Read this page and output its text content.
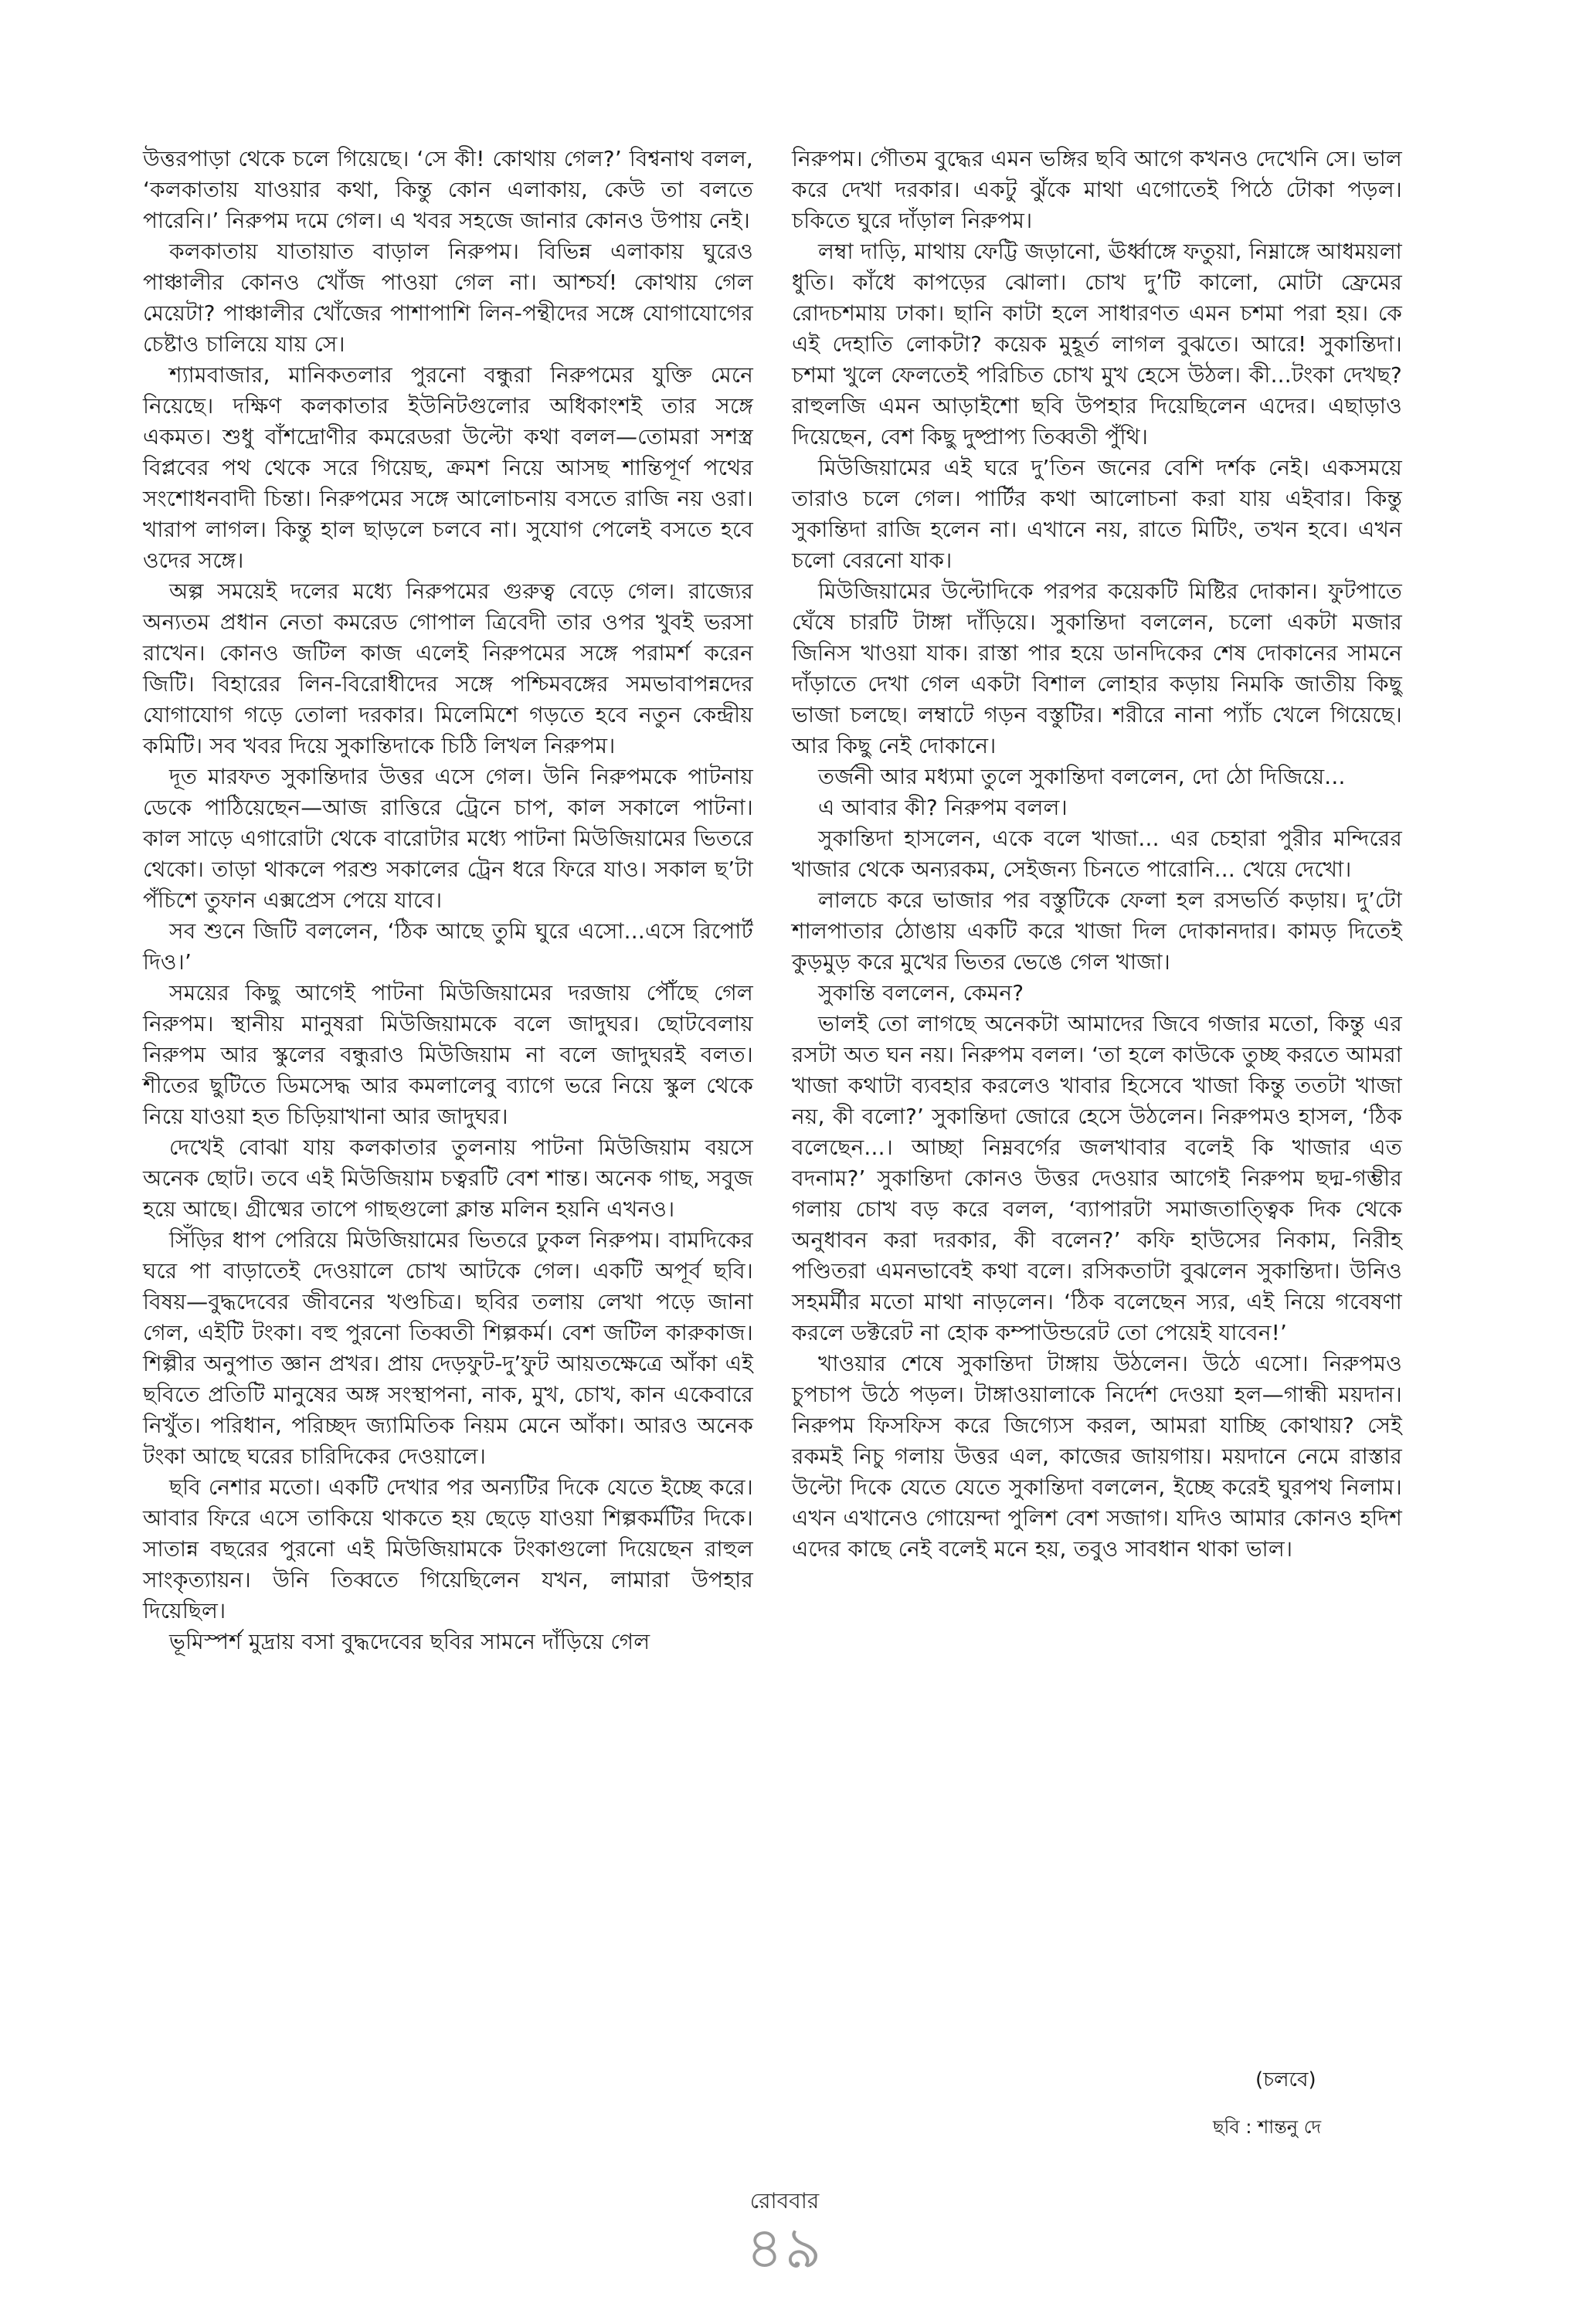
উত্তরপাড়া থেকে চলে গিয়েছে। ‘সে কী! কোথায় গেল?’ বিশ্বনাথ বলল, ‘কলকাতায় যাওয়ার কথা, কিন্তু কোন এলাকায়, কেউ তা বলতে পারেনি।’ নিরুপম দমে গেল। এ খবর সহজে জানার কোনও উপায় নেই।

কলকাতায় যাতায়াত বাড়াল নিরুপম। বিভিন্ন এলাকায় ঘুরেও পাঞ্চালীর কোনও খোঁজ পাওয়া গেল না। আশ্চর্য! কোথায় গেল মেয়েটা? পাঞ্চালীর খোঁজের পাশাপাশি লিন-পন্থীদের সঙ্গে যোগাযোগের চেষ্টাও চালিয়ে যায় সে।

শ্যামবাজার, মানিকতলার পুরনো বন্ধুরা নিরুপমের যুক্তি মেনে নিয়েছে। দক্ষিণ কলকাতার ইউনিটগুলোর অধিকাংশই তার সঙ্গে একমত। শুধু বাঁশদ্রোণীর কমরেডরা উল্টো কথা বলল—তোমরা সশস্ত্র বিপ্লবের পথ থেকে সরে গিয়েছ, ক্রমশ নিয়ে আসছ শান্তিপূর্ণ পথের সংশোধনবাদী চিন্তা। নিরুপমের সঙ্গে আলোচনায় বসতে রাজি নয় ওরা। খারাপ লাগল। কিন্তু হাল ছাড়লে চলবে না। সুযোগ পেলেই বসতে হবে ওদের সঙ্গে।

অল্প সময়েই দলের মধ্যে নিরুপমের গুরুত্ব বেড়ে গেল। রাজ্যের অন্যতম প্রধান নেতা কমরেড গোপাল ত্রিবেদী তার ওপর খুবই ভরসা রাখেন। কোনও জটিল কাজ এলেই নিরুপমের সঙ্গে পরামর্শ করেন জিটি। বিহারের লিন-বিরোধীদের সঙ্গে পশ্চিমবঙ্গের সমভাবাপন্নদের যোগাযোগ গড়ে তোলা দরকার। মিলেমিশে গড়তে হবে নতুন কেন্দ্রীয় কমিটি। সব খবর দিয়ে সুকান্তিদাকে চিঠি লিখল নিরুপম।

দূত মারফত সুকান্তিদার উত্তর এসে গেল। উনি নিরুপমকে পাটনায় ডেকে পাঠিয়েছেন—আজ রাত্তিরে ট্রেনে চাপ, কাল সকালে পাটনা। কাল সাড়ে এগারোটা থেকে বারোটার মধ্যে পাটনা মিউজিয়ামের ভিতরে থেকো। তাড়া থাকলে পরশু সকালের ট্রেন ধরে ফিরে যাও। সকাল ছ’টা পঁচিশে তুফান এক্সপ্রেস পেয়ে যাবে।

সব শুনে জিটি বললেন, ‘ঠিক আছে তুমি ঘুরে এসো...এসে রিপোর্ট দিও।’

সময়ের কিছু আগেই পাটনা মিউজিয়ামের দরজায় পৌঁছে গেল নিরুপম। স্থানীয় মানুষরা মিউজিয়ামকে বলে জাদুঘর। ছোটবেলায় নিরুপম আর স্কুলের বন্ধুরাও মিউজিয়াম না বলে জাদুঘরই বলত। শীতের ছুটিতে ডিমসেদ্ধ আর কমলালেবু ব্যাগে ভরে নিয়ে স্কুল থেকে নিয়ে যাওয়া হত চিড়িয়াখানা আর জাদুঘর।

দেখেই বোঝা যায় কলকাতার তুলনায় পাটনা মিউজিয়াম বয়সে অনেক ছোট। তবে এই মিউজিয়াম চত্বরটি বেশ শান্ত। অনেক গাছ, সবুজ হয়ে আছে। গ্রীষ্মের তাপে গাছগুলো ক্লান্ত মলিন হয়নি এখনও।

সিঁড়ির ধাপ পেরিয়ে মিউজিয়ামের ভিতরে ঢুকল নিরুপম। বামদিকের ঘরে পা বাড়াতেই দেওয়ালে চোখ আটকে গেল। একটি অপূর্ব ছবি। বিষয়—বুদ্ধদেবের জীবনের খণ্ডচিত্র। ছবির তলায় লেখা পড়ে জানা গেল, এইটি টংকা। বহু পুরনো তিব্বতী শিল্পকর্ম। বেশ জটিল কারুকাজ। শিল্পীর অনুপাত জ্ঞান প্রখর। প্রায় দেড়ফুট-দু’ফুট আয়তক্ষেত্রে আঁকা এই ছবিতে প্রতিটি মানুষের অঙ্গ সংস্থাপনা, নাক, মুখ, চোখ, কান একেবারে নিখুঁত। পরিধান, পরিচ্ছদ জ্যামিতিক নিয়ম মেনে আঁকা। আরও অনেক টংকা আছে ঘরের চারিদিকের দেওয়ালে।

ছবি নেশার মতো। একটি দেখার পর অন্যটির দিকে যেতে ইচ্ছে করে। আবার ফিরে এসে তাকিয়ে থাকতে হয় ছেড়ে যাওয়া শিল্পকর্মটির দিকে। সাতান্ন বছরের পুরনো এই মিউজিয়ামকে টংকাগুলো দিয়েছেন রাহুল সাংকৃত্যায়ন। উনি তিব্বতে গিয়েছিলেন যখন, লামারা উপহার দিয়েছিল।

ভূমিস্পর্শ মুদ্রায় বসা বুদ্ধদেবের ছবির সামনে দাঁড়িয়ে গেল

নিরুপম। গৌতম বুদ্ধের এমন ভঙ্গির ছবি আগে কখনও দেখেনি সে। ভাল করে দেখা দরকার। একটু ঝুঁকে মাথা এগোতেই পিঠে টোকা পড়ল। চকিতে ঘুরে দাঁড়াল নিরুপম।

লম্বা দাড়ি, মাথায় ফেট্টি জড়ানো, ঊর্ধ্বাঙ্গে ফতুয়া, নিম্নাঙ্গে আধময়লা ধুতি। কাঁধে কাপড়ের ঝোলা। চোখ দু’টি কালো, মোটা ফ্রেমের রোদচশমায় ঢাকা। ছানি কাটা হলে সাধারণত এমন চশমা পরা হয়। কে এই দেহাতি লোকটা? কয়েক মুহূর্ত লাগল বুঝতে। আরে! সুকান্তিদা। চশমা খুলে ফেলতেই পরিচিত চোখ মুখ হেসে উঠল। কী...টংকা দেখছ? রাহুলজি এমন আড়াইশো ছবি উপহার দিয়েছিলেন এদের। এছাড়াও দিয়েছেন, বেশ কিছু দুষ্প্রাপ্য তিব্বতী পুঁথি।

মিউজিয়ামের এই ঘরে দু’তিন জনের বেশি দর্শক নেই। একসময়ে তারাও চলে গেল। পার্টির কথা আলোচনা করা যায় এইবার। কিন্তু সুকান্তিদা রাজি হলেন না। এখানে নয়, রাতে মিটিং, তখন হবে। এখন চলো বেরনো যাক।

মিউজিয়ামের উল্টোদিকে পরপর কয়েকটি মিষ্টির দোকান। ফুটপাতে ঘেঁষে চারটি টাঙ্গা দাঁড়িয়ে। সুকান্তিদা বললেন, চলো একটা মজার জিনিস খাওয়া যাক। রাস্তা পার হয়ে ডানদিকের শেষ দোকানের সামনে দাঁড়াতে দেখা গেল একটা বিশাল লোহার কড়ায় নিমকি জাতীয় কিছু ভাজা চলছে। লম্বাটে গড়ন বস্তুটির। শরীরে নানা প্যাঁচ খেলে গিয়েছে। আর কিছু নেই দোকানে।

তর্জনী আর মধ্যমা তুলে সুকান্তিদা বললেন, দো ঠো দিজিয়ে...

এ আবার কী? নিরুপম বলল।

সুকান্তিদা হাসলেন, একে বলে খাজা... এর চেহারা পুরীর মন্দিরের খাজার থেকে অন্যরকম, সেইজন্য চিনতে পারোনি... খেয়ে দেখো।

লালচে করে ভাজার পর বস্তুটিকে ফেলা হল রসভর্তি কড়ায়। দু’টো শালপাতার ঠোঙায় একটি করে খাজা দিল দোকানদার। কামড় দিতেই কুড়মুড় করে মুখের ভিতর ভেঙে গেল খাজা।

সুকান্তি বললেন, কেমন?

ভালই তো লাগছে অনেকটা আমাদের জিবে গজার মতো, কিন্তু এর রসটা অত ঘন নয়। নিরুপম বলল। ‘তা হলে কাউকে তুচ্ছ করতে আমরা খাজা কথাটা ব্যবহার করলেও খাবার হিসেবে খাজা কিন্তু ততটা খাজা নয়, কী বলো?’ সুকান্তিদা জোরে হেসে উঠলেন। নিরুপমও হাসল, ‘ঠিক বলেছেন...। আচ্ছা নিম্নবর্গের জলখাবার বলেই কি খাজার এত বদনাম?’ সুকান্তিদা কোনও উত্তর দেওয়ার আগেই নিরুপম ছদ্ম-গম্ভীর গলায় চোখ বড় করে বলল, ‘ব্যাপারটা সমাজতাত্ত্বিক দিক থেকে অনুধাবন করা দরকার, কী বলেন?’ কফি হাউসের নিকাম, নিরীহ পণ্ডিতরা এমনভাবেই কথা বলে। রসিকতাটা বুঝলেন সুকান্তিদা। উনিও সহমর্মীর মতো মাথা নাড়লেন। ‘ঠিক বলেছেন স্যর, এই নিয়ে গবেষণা করলে ডক্টরেট না হোক কম্পাউন্ডরেট তো পেয়েই যাবেন!’

খাওয়ার শেষে সুকান্তিদা টাঙ্গায় উঠলেন। উঠে এসো। নিরুপমও চুপচাপ উঠে পড়ল। টাঙ্গাওয়ালাকে নির্দেশ দেওয়া হল—গান্ধী ময়দান। নিরুপম ফিসফিস করে জিগ্যেস করল, আমরা যাচ্ছি কোথায়? সেই রকমই নিচু গলায় উত্তর এল, কাজের জায়গায়। ময়দানে নেমে রাস্তার উল্টো দিকে যেতে যেতে সুকান্তিদা বললেন, ইচ্ছে করেই ঘুরপথ নিলাম। এখন এখানেও গোয়েন্দা পুলিশ বেশ সজাগ। যদিও আমার কোনও হদিশ এদের কাছে নেই বলেই মনে হয়, তবুও সাবধান থাকা ভাল।

(চলবে)
ছবি : শান্তনু দে
রোববার
৪৯
